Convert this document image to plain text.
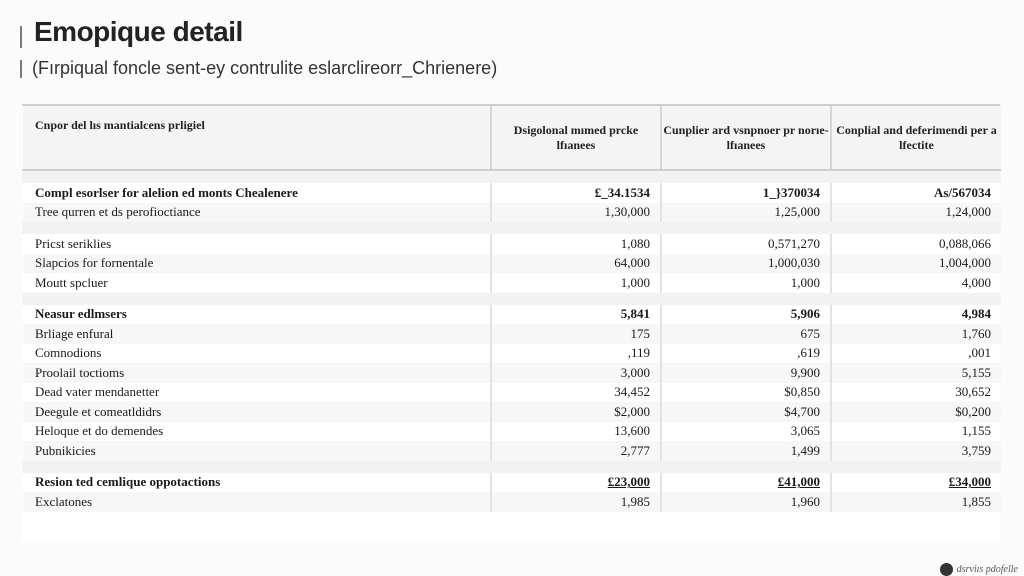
Emopique detail
(Fırpiqual foncle sent-ey contrulite eslarclireorr_Chrienere)
Cnpor del lıs mantialcens prligiel	Dsigolonal mımed prcke lfıanees	Cunplier ard vsnpnoer pr norıe-lfıanees	Conplial and deferimendi per a lfectite

Compl esorlser for alelion ed monts Chealenere	£_34.1534	1_}370034	As/567034
Tree qurren et ds perofioctiance	1,30,000	1,25,000	1,24,000

Pricst seriklies	1,080	0,571,270	0,088,066
Slapcios for fornentale	64,000	1,000,030	1,004,000
Moutt spcluer	1,000	1,000	4,000

Neasur edlmsers	5,841	5,906	4,984
Brliage enfural	175	675	1,760
Comnodions	,119	,619	,001
Proolail toctioms	3,000	9,900	5,155
Dead vater mendanetter	34,452	$0,850	30,652
Deegule et comeatldidrs	$2,000	$4,700	$0,200
Heloque et do demendes	13,600	3,065	1,155
Pubnikicies	2,777	1,499	3,759

Resion ted cemlique oppotactions	£23,000	£41,000	£34,000
Exclatones	1,985	1,960	1,855
dsrviıs pdofelle
